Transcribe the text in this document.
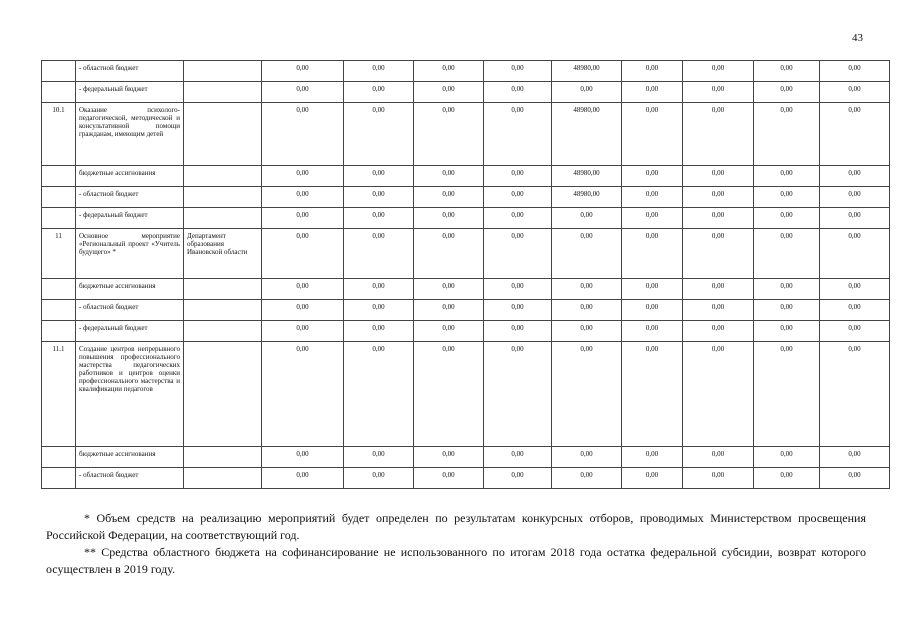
43
	- областной бюджет		0,00	0,00	0,00	0,00	48980,00	0,00	0,00	0,00	0,00
	- федеральный бюджет		0,00	0,00	0,00	0,00	0,00	0,00	0,00	0,00	0,00
10.1	Оказание психолого-педагогической, методической и консультативной помощи гражданам, имеющим детей		0,00	0,00	0,00	0,00	48980,00	0,00	0,00	0,00	0,00
	бюджетные ассигнования		0,00	0,00	0,00	0,00	48980,00	0,00	0,00	0,00	0,00
	- областной бюджет		0,00	0,00	0,00	0,00	48980,00	0,00	0,00	0,00	0,00
	- федеральный бюджет		0,00	0,00	0,00	0,00	0,00	0,00	0,00	0,00	0,00
11	Основное мероприятие «Региональный проект «Учитель будущего» *	Департамент образования Ивановской области	0,00	0,00	0,00	0,00	0,00	0,00	0,00	0,00	0,00
	бюджетные ассигнования		0,00	0,00	0,00	0,00	0,00	0,00	0,00	0,00	0,00
	- областной бюджет		0,00	0,00	0,00	0,00	0,00	0,00	0,00	0,00	0,00
	- федеральный бюджет		0,00	0,00	0,00	0,00	0,00	0,00	0,00	0,00	0,00
11.1	Создание центров непрерывного повышения профессионального мастерства педагогических работников и центров оценки профессионального мастерства и квалификации педагогов		0,00	0,00	0,00	0,00	0,00	0,00	0,00	0,00	0,00
	бюджетные ассигнования		0,00	0,00	0,00	0,00	0,00	0,00	0,00	0,00	0,00
	- областной бюджет		0,00	0,00	0,00	0,00	0,00	0,00	0,00	0,00	0,00

* Объем средств на реализацию мероприятий будет определен по результатам конкурсных отборов, проводимых Министерством просвещения Российской Федерации, на соответствующий год.

** Средства областного бюджета на софинансирование не использованного по итогам 2018 года остатка федеральной субсидии, возврат которого осуществлен в 2019 году.
